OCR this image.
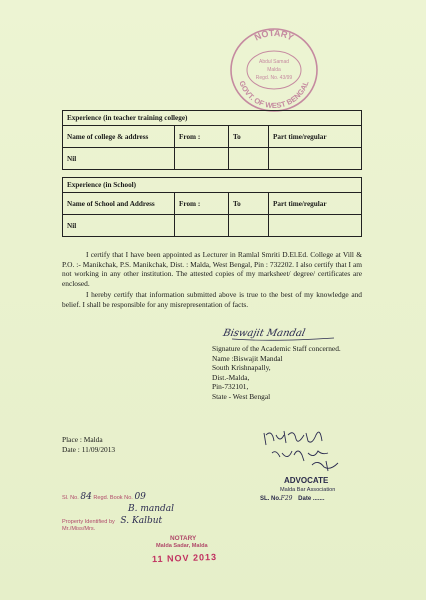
NOTARY
GOVT. OF WEST BENGAL
Abdul Samad
Malda
Regd. No. 43/99
Experience (in teacher training college)			
Name of college & address	From :	To	Part time/regular
Nil			
Experience (in School)			
Name of School and Address	From :	To	Part time/regular
Nil			

I certify that I have been appointed as Lecturer in Ramlal Smriti D.El.Ed. College at Vill & P.O. :- Manikchak, P.S. Manikchak, Dist. : Malda, West Bengal, Pin : 732202. I also certify that I am not working in any other institution. The attested copies of my marksheet/ degree/ certificates are enclosed.

I hereby certify that information submitted above is true to the best of my knowledge and belief. I shall be responsible for any misrepresentation of facts.

Biswajit Mandal
Signature of the Academic Staff concerned.
Name :Biswajit Mandal
South Krishnapally,
Dist.-Malda,
Pin-732101,
State - West Bengal
Place : Malda
Date : 11/09/2013
ADVOCATE
Malda Bar Association
SL. No.F29 Date .......
Sl. No. 84 Regd. Book No. 09
B. mandal
Property Identified by S. Kalbut
Mr./Miss/Mrs.
NOTARY
Malda Sadar, Malda
11 NOV 2013
